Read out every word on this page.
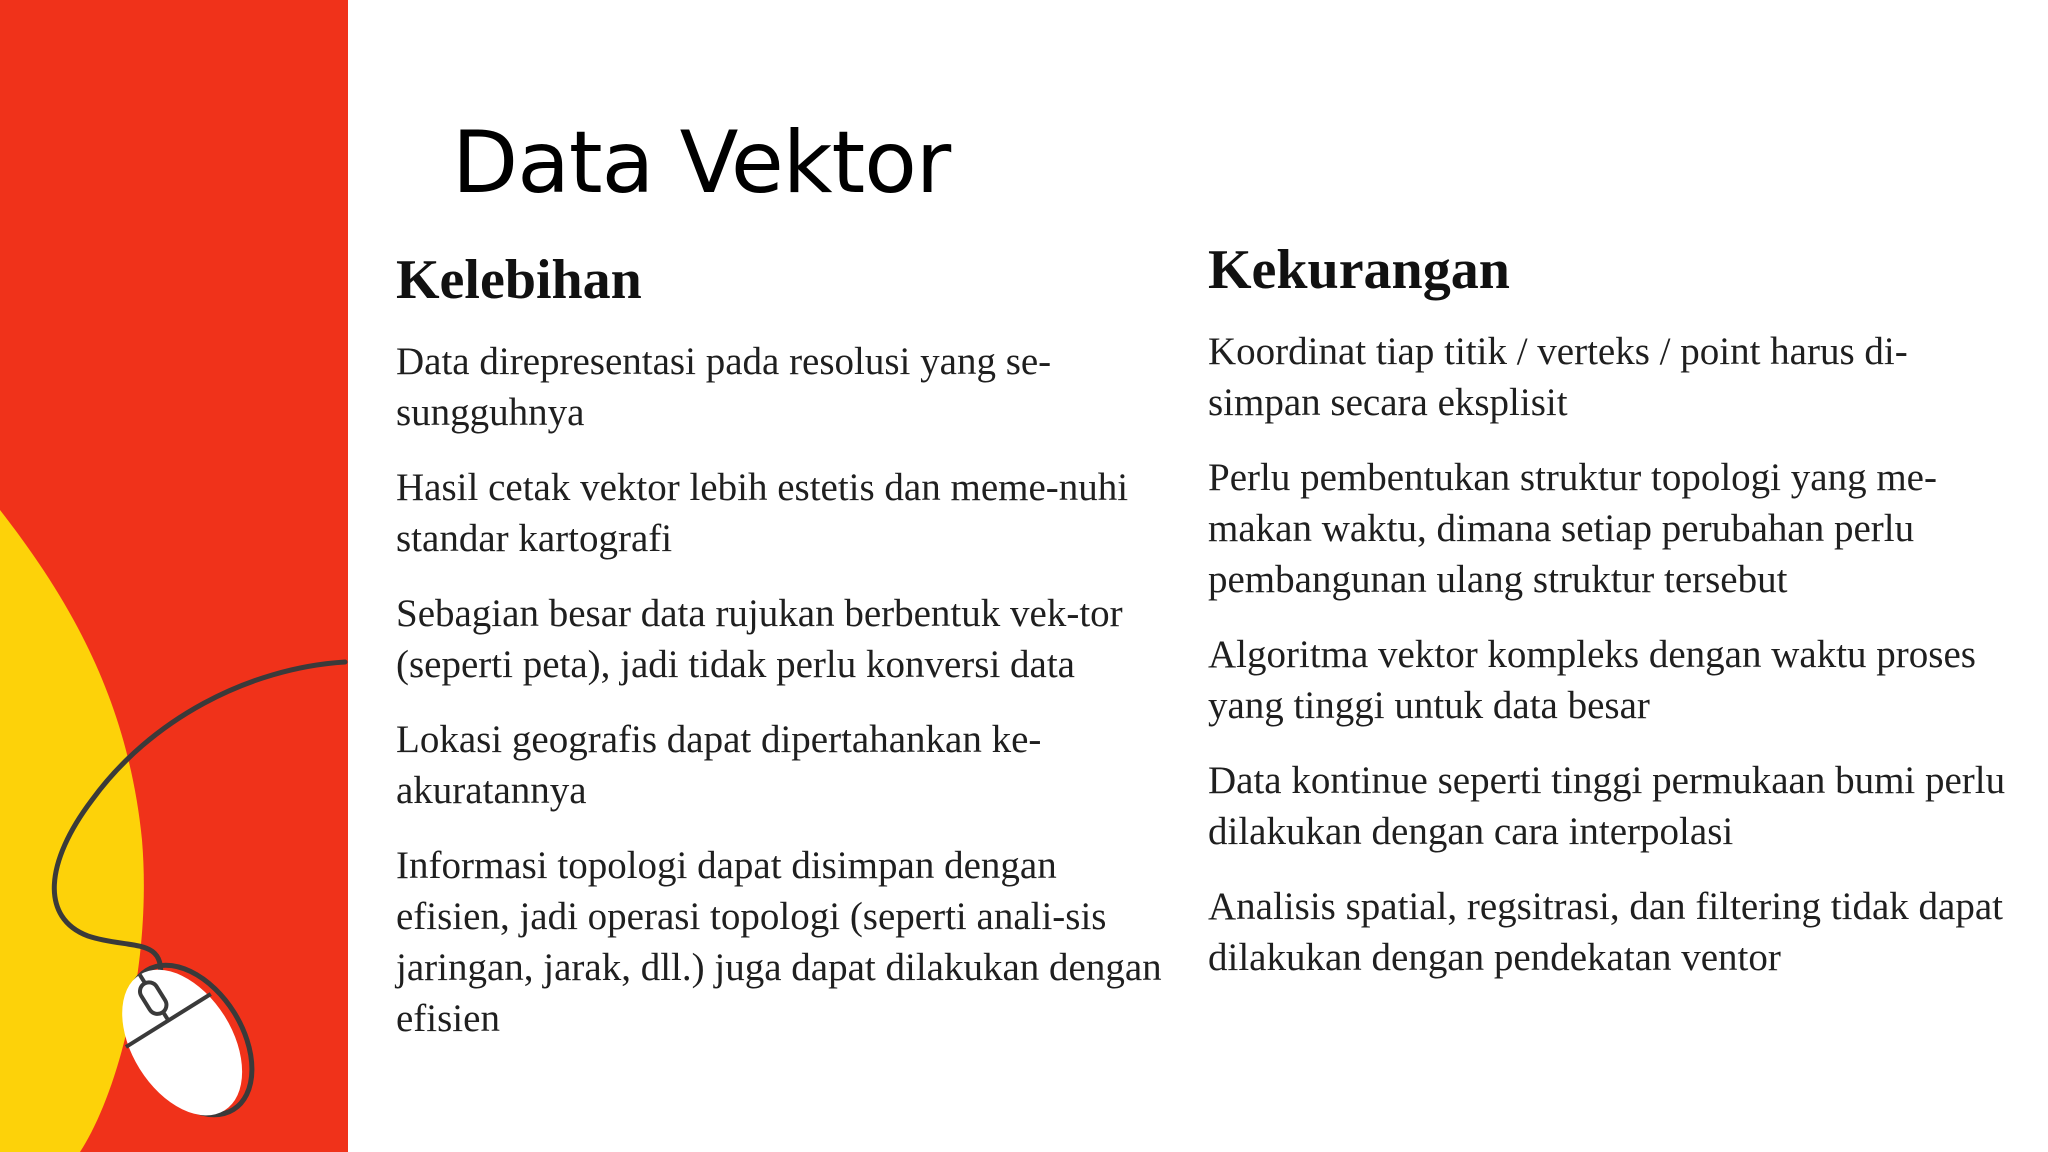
Data Vektor
Kelebihan
Data direpresentasi pada resolusi yang se-sungguhnya
Hasil cetak vektor lebih estetis dan meme-nuhi standar kartografi
Sebagian besar data rujukan berbentuk vek-tor (seperti peta), jadi tidak perlu konversi data
Lokasi geografis dapat dipertahankan ke-akuratannya
Informasi topologi dapat disimpan dengan efisien, jadi operasi topologi (seperti anali-sis jaringan, jarak, dll.) juga dapat dilakukan dengan efisien
Kekurangan
Koordinat tiap titik / verteks / point harus di-simpan secara eksplisit
Perlu pembentukan struktur topologi yang me-makan waktu, dimana setiap perubahan perlu pembangunan ulang struktur tersebut
Algoritma vektor kompleks dengan waktu proses yang tinggi untuk data besar
Data kontinue seperti tinggi permukaan bumi perlu dilakukan dengan cara interpolasi
Analisis spatial, regsitrasi, dan filtering tidak dapat dilakukan dengan pendekatan ventor
